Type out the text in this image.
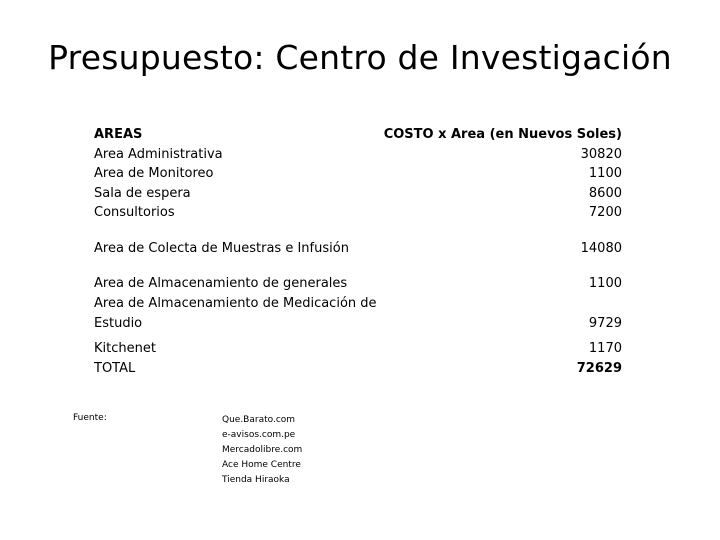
Presupuesto: Centro de Investigación
AREAS	COSTO x Area (en Nuevos Soles)
Area Administrativa	30820
Area de Monitoreo	1100
Sala de espera	8600
Consultorios	7200
Area de Colecta de Muestras e Infusión	14080
Area de Almacenamiento de generales	1100
Area de Almacenamiento de Medicación de Estudio	9729
Kitchenet	1170
TOTAL	72629
Fuente:	Que.Barato.com
e-avisos.com.pe
Mercadolibre.com
Ace Home Centre
Tienda Hiraoka
